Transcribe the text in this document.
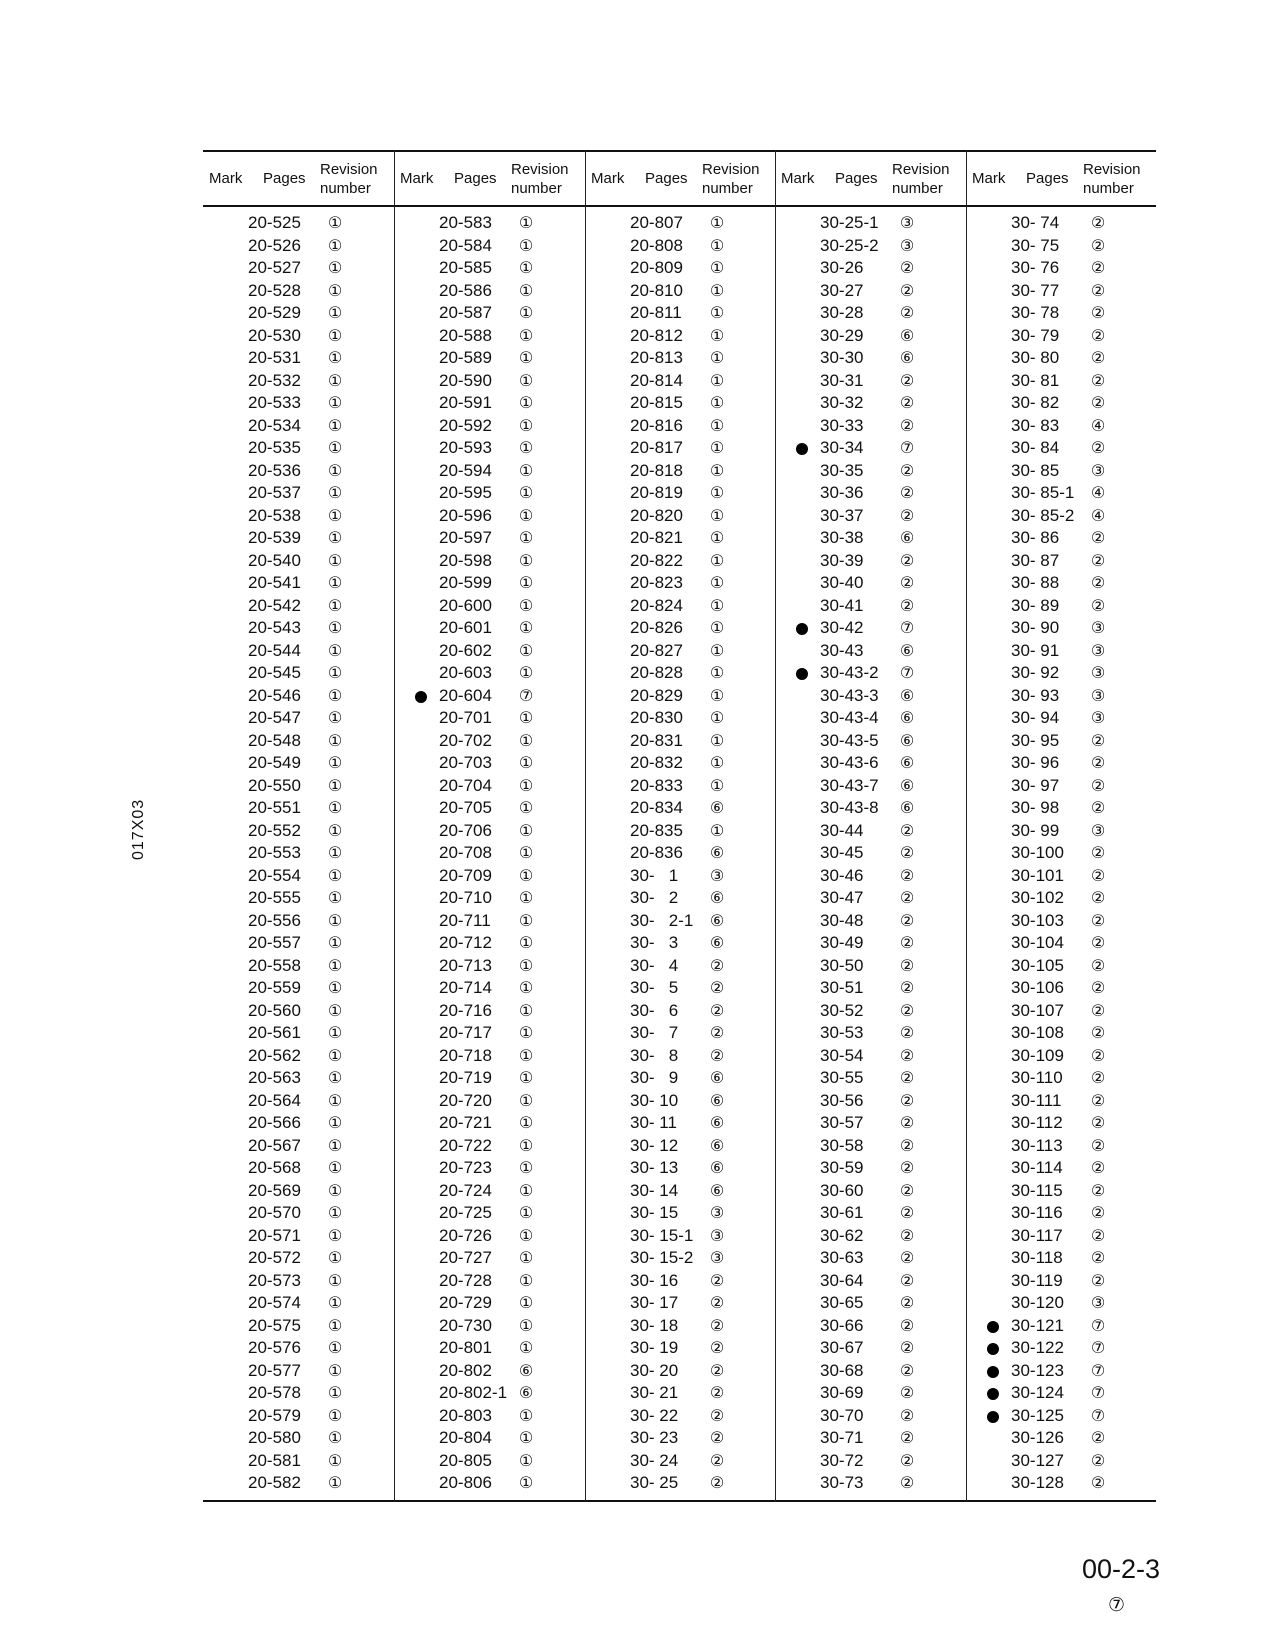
Mark Pages
Revision
number
20-525	①
20-526	①
20-527	①
20-528	①
20-529	①
20-530	①
20-531	①
20-532	①
20-533	①
20-534	①
20-535	①
20-536	①
20-537	①
20-538	①
20-539	①
20-540	①
20-541	①
20-542	①
20-543	①
20-544	①
20-545	①
20-546	①
20-547	①
20-548	①
20-549	①
20-550	①
20-551	①
20-552	①
20-553	①
20-554	①
20-555	①
20-556	①
20-557	①
20-558	①
20-559	①
20-560	①
20-561	①
20-562	①
20-563	①
20-564	①
20-566	①
20-567	①
20-568	①
20-569	①
20-570	①
20-571	①
20-572	①
20-573	①
20-574	①
20-575	①
20-576	①
20-577	①
20-578	①
20-579	①
20-580	①
20-581	①
20-582	①
Mark Pages
Revision
number
20-583	①
20-584	①
20-585	①
20-586	①
20-587	①
20-588	①
20-589	①
20-590	①
20-591	①
20-592	①
20-593	①
20-594	①
20-595	①
20-596	①
20-597	①
20-598	①
20-599	①
20-600	①
20-601	①
20-602	①
20-603	①
20-604	⑦
20-701	①
20-702	①
20-703	①
20-704	①
20-705	①
20-706	①
20-708	①
20-709	①
20-710	①
20-711	①
20-712	①
20-713	①
20-714	①
20-716	①
20-717	①
20-718	①
20-719	①
20-720	①
20-721	①
20-722	①
20-723	①
20-724	①
20-725	①
20-726	①
20-727	①
20-728	①
20-729	①
20-730	①
20-801	①
20-802	⑥
20-802-1 ⑥
20-803	①
20-804	①
20-805	①
20-806	①
Mark Pages
Revision
number
20-807	①
20-808	①
20-809	①
20-810	①
20-811	①
20-812	①
20-813	①
20-814	①
20-815	①
20-816	①
20-817	①
20-818	①
20-819	①
20-820	①
20-821	①
20-822	①
20-823	①
20-824	①
20-826	①
20-827	①
20-828	①
20-829	①
20-830	①
20-831	①
20-832	①
20-833	①
20-834	⑥
20-835	①
20-836	⑥
30-   1	③
30-   2	⑥
30-   2-1	⑥
30-   3	⑥
30-   4	②
30-   5	②
30-   6	②
30-   7	②
30-   8	②
30-   9	⑥
30- 10	⑥
30- 11	⑥
30- 12	⑥
30- 13	⑥
30- 14	⑥
30- 15	③
30- 15-1	③
30- 15-2	③
30- 16	②
30- 17	②
30- 18	②
30- 19	②
30- 20	②
30- 21	②
30- 22	②
30- 23	②
30- 24	②
30- 25	②
Mark Pages
Revision
number
30-25-1	③
30-25-2	③
30-26	②
30-27	②
30-28	②
30-29	⑥
30-30	⑥
30-31	②
30-32	②
30-33	②
30-34	⑦
30-35	②
30-36	②
30-37	②
30-38	⑥
30-39	②
30-40	②
30-41	②
30-42	⑦
30-43	⑥
30-43-2	⑦
30-43-3	⑥
30-43-4	⑥
30-43-5	⑥
30-43-6	⑥
30-43-7	⑥
30-43-8	⑥
30-44	②
30-45	②
30-46	②
30-47	②
30-48	②
30-49	②
30-50	②
30-51	②
30-52	②
30-53	②
30-54	②
30-55	②
30-56	②
30-57	②
30-58	②
30-59	②
30-60	②
30-61	②
30-62	②
30-63	②
30-64	②
30-65	②
30-66	②
30-67	②
30-68	②
30-69	②
30-70	②
30-71	②
30-72	②
30-73	②
Mark Pages
Revision
number
30- 74	②
30- 75	②
30- 76	②
30- 77	②
30- 78	②
30- 79	②
30- 80	②
30- 81	②
30- 82	②
30- 83	④
30- 84	②
30- 85	③
30- 85-1	④
30- 85-2	④
30- 86	②
30- 87	②
30- 88	②
30- 89	②
30- 90	③
30- 91	③
30- 92	③
30- 93	③
30- 94	③
30- 95	②
30- 96	②
30- 97	②
30- 98	②
30- 99	③
30-100	②
30-101	②
30-102	②
30-103	②
30-104	②
30-105	②
30-106	②
30-107	②
30-108	②
30-109	②
30-110	②
30-111	②
30-112	②
30-113	②
30-114	②
30-115	②
30-116	②
30-117	②
30-118	②
30-119	②
30-120	③
30-121	⑦
30-122	⑦
30-123	⑦
30-124	⑦
30-125	⑦
30-126	②
30-127	②
30-128	②
017X03
00-2-3
⑦
